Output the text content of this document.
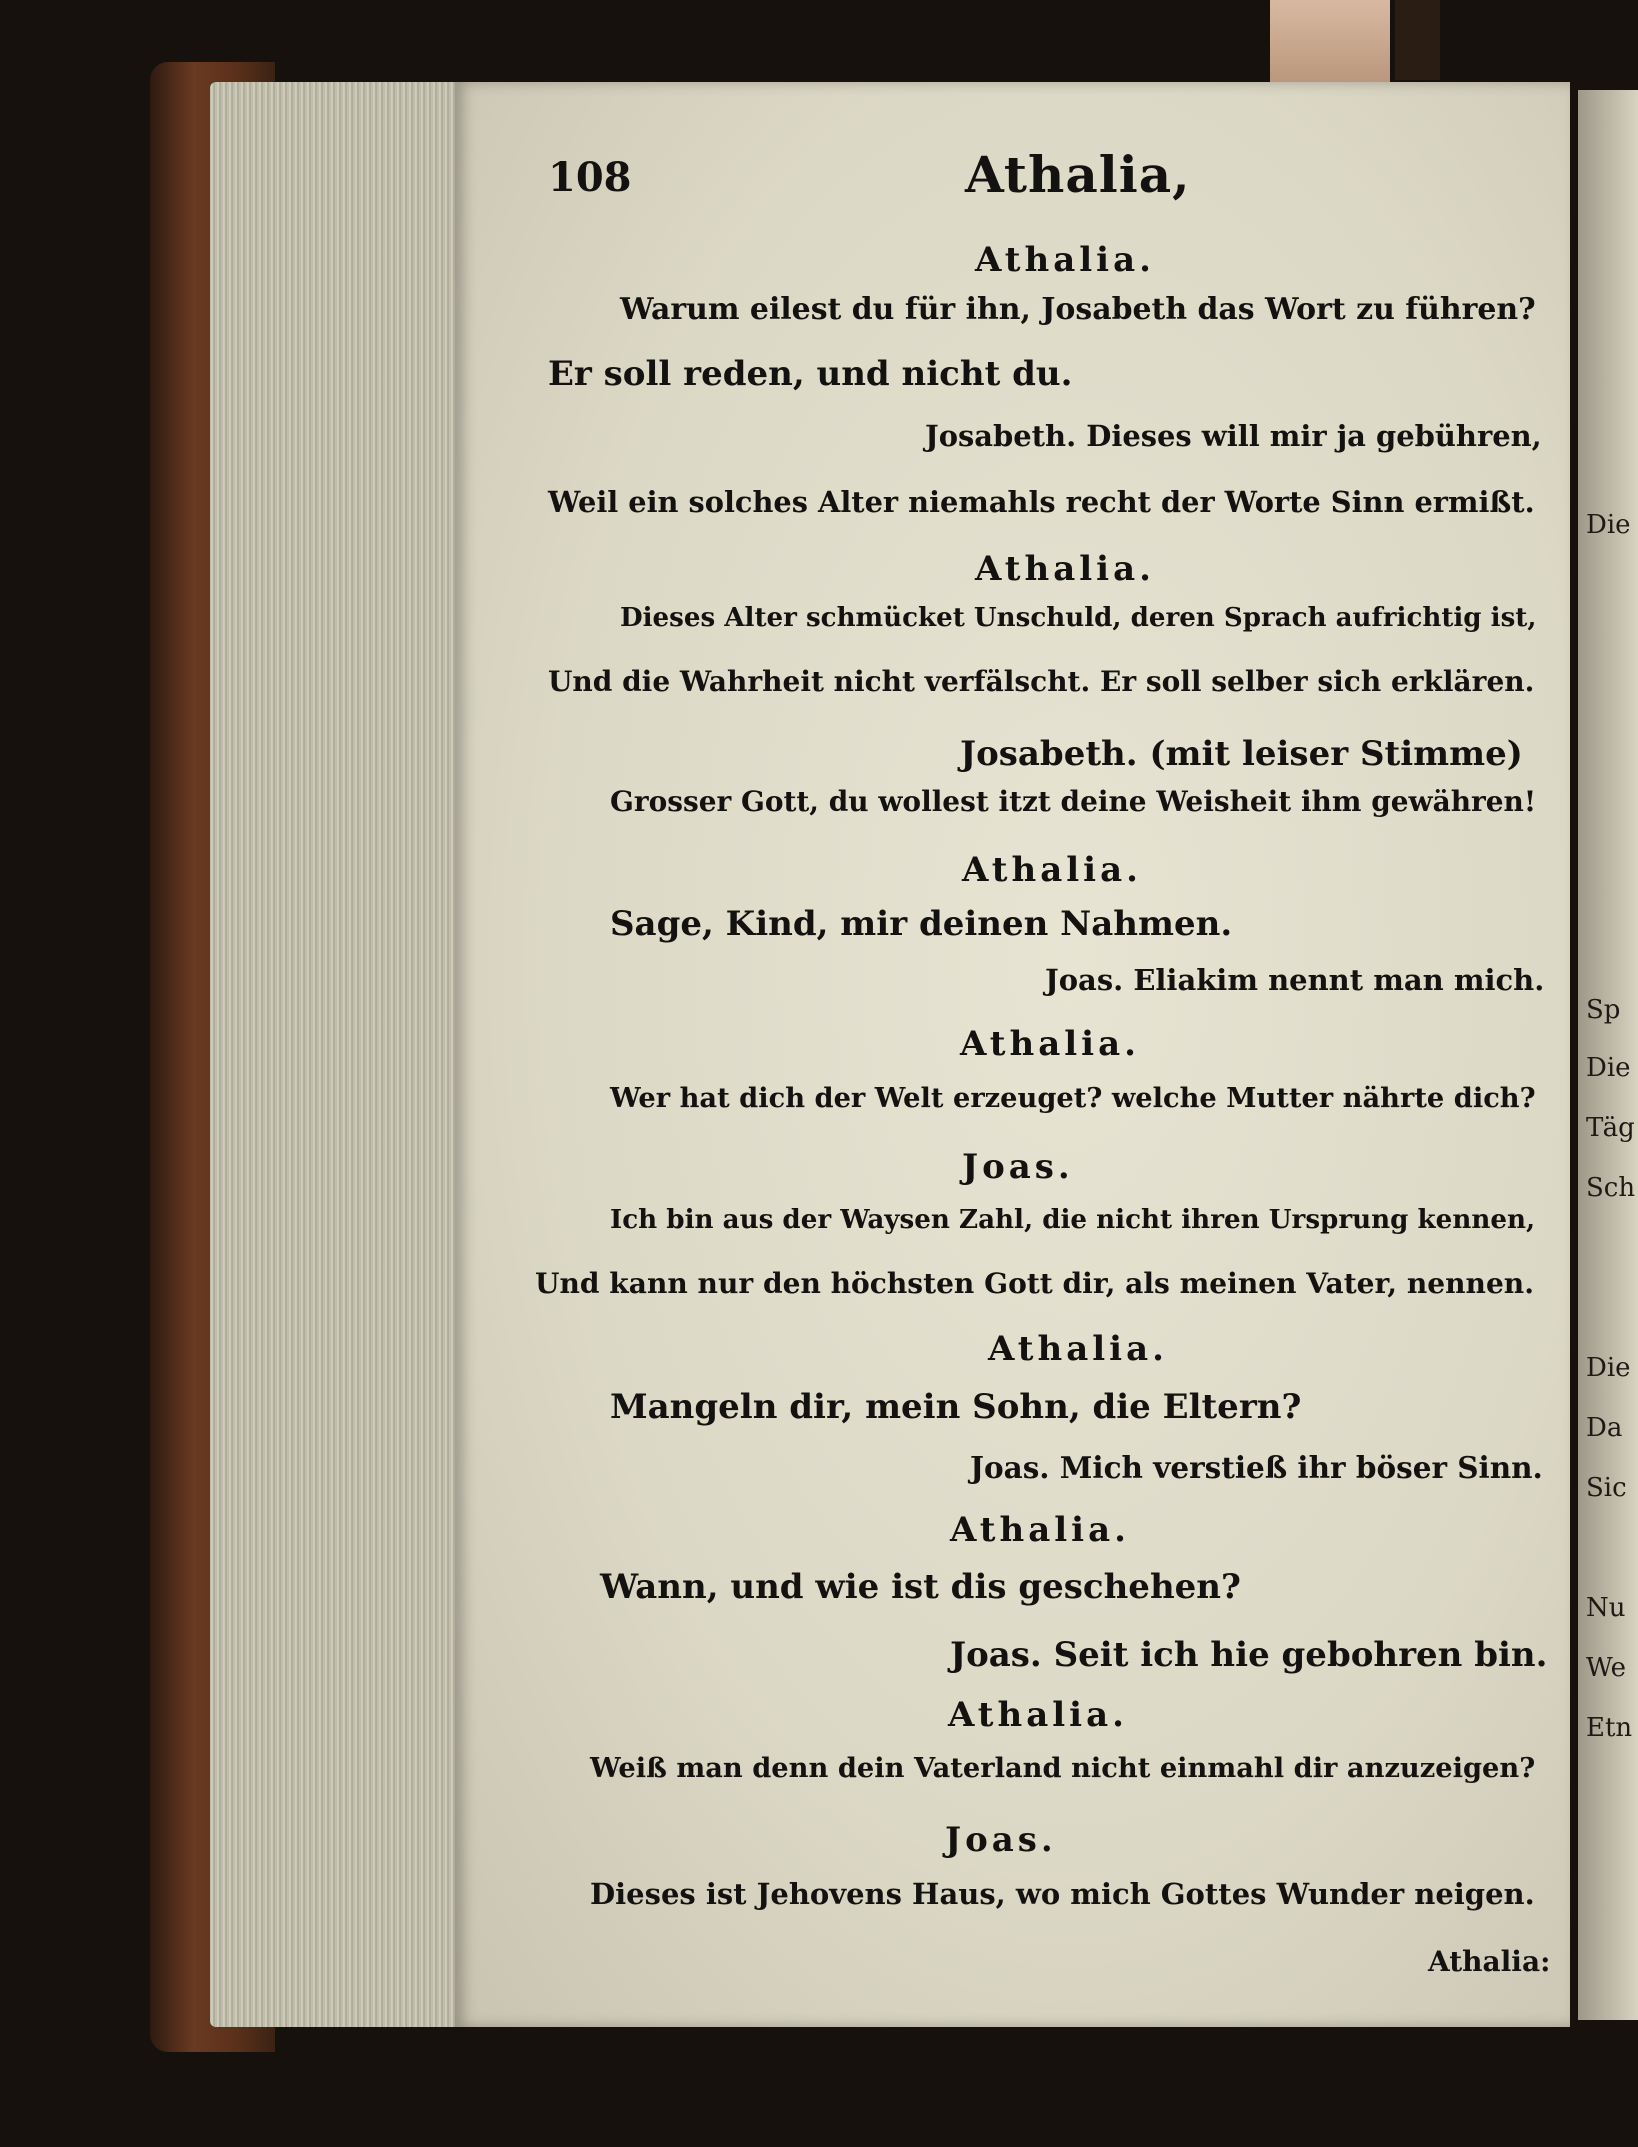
Die
Sp
Die
Täg
Sch
Die
Da
Sic
Nu
We
Etn

108	Athalia,

Athalia.

Warum eilest du für ihn, Josabeth das Wort zu führen?

Er soll reden, und nicht du.

Josabeth. Dieses will mir ja gebühren,

Weil ein solches Alter niemahls recht der Worte Sinn ermißt.

Athalia.

Dieses Alter schmücket Unschuld, deren Sprach aufrichtig ist,

Und die Wahrheit nicht verfälscht. Er soll selber sich erklären.

Josabeth. (mit leiser Stimme)

Grosser Gott, du wollest itzt deine Weisheit ihm gewähren!

Athalia.

Sage, Kind, mir deinen Nahmen.

Joas. Eliakim nennt man mich.

Athalia.

Wer hat dich der Welt erzeuget? welche Mutter nährte dich?

Joas.

Ich bin aus der Waysen Zahl, die nicht ihren Ursprung kennen,

Und kann nur den höchsten Gott dir, als meinen Vater, nennen.

Athalia.

Mangeln dir, mein Sohn, die Eltern?

Joas. Mich verstieß ihr böser Sinn.

Athalia.

Wann, und wie ist dis geschehen?

Joas. Seit ich hie gebohren bin.

Athalia.

Weiß man denn dein Vaterland nicht einmahl dir anzuzeigen?

Joas.

Dieses ist Jehovens Haus, wo mich Gottes Wunder neigen.

Athalia:
